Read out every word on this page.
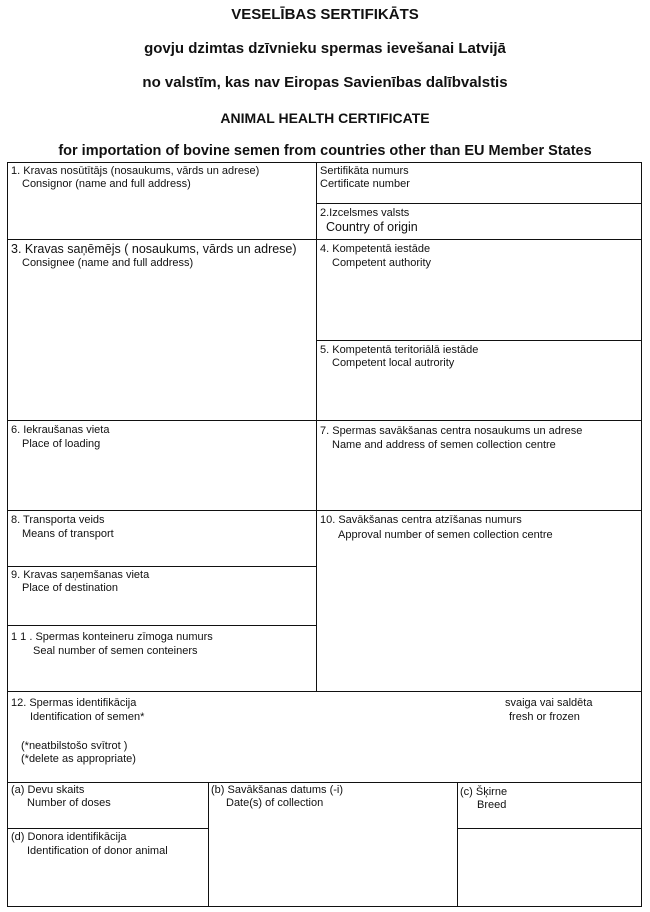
VESELĪBAS SERTIFIKĀTS
govju dzimtas dzīvnieku spermas ievešanai Latvijā
no valstīm, kas nav Eiropas Savienības dalībvalstis
ANIMAL HEALTH CERTIFICATE
for importation of bovine semen from countries other than EU Member States
1. Kravas nosūtītājs (nosaukums, vārds un adrese)
Consignor (name and full address)
Sertifikāta numurs
Certificate number
2.Izcelsmes valsts
Country of origin
3. Kravas saņēmējs ( nosaukums, vārds un adrese)
Consignee (name and full address)
4. Kompetentā iestāde
Competent authority
5. Kompetentā teritoriālā iestāde
Competent local autrority
6. Iekraušanas vieta
Place of loading
7. Spermas savākšanas centra nosaukums un adrese
Name and address of semen collection centre
8. Transporta veids
Means of transport
9. Kravas saņemšanas vieta
Place of destination
10. Savākšanas centra atzīšanas numurs
Approval number of semen collection centre
1 1 . Spermas konteineru zīmoga numurs
Seal number of semen conteiners
12. Spermas identifikācija
Identification of semen*
(*neatbilstošo svītrot )
(*delete as appropriate)
svaiga vai saldēta
fresh or frozen
(a) Devu skaits
Number of doses
(b) Savākšanas datums (-i)
Date(s) of collection
(c) Šķirne
Breed
(d) Donora identifikācija
Identification of donor animal
